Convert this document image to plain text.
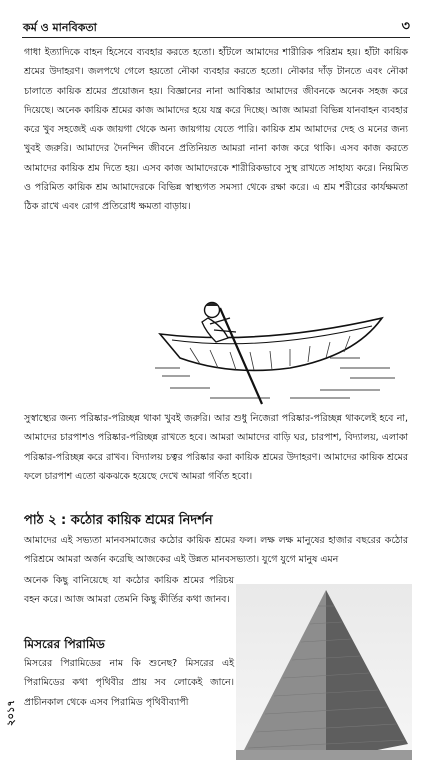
কর্ম ও মানবিকতা	৩

গাধা ইত্যাদিকে বাহন হিসেবে ব্যবহার করতে হতো। হাঁটলে আমাদের শারীরিক পরিশ্রম হয়। হাঁটা কায়িক শ্রমের উদাহরণ। জলপথে গেলে হয়তো নৌকা ব্যবহার করতে হতো। নৌকার দাঁড় টানতে এবং নৌকা চালাতে কায়িক শ্রমের প্রয়োজন হয়। বিজ্ঞানের নানা আবিষ্কার আমাদের জীবনকে অনেক সহজ করে দিয়েছে। অনেক কায়িক শ্রমের কাজ আমাদের হয়ে যন্ত্র করে দিচ্ছে। আজ আমরা বিভিন্ন যানবাহন ব্যবহার করে খুব সহজেই এক জায়গা থেকে অন্য জায়গায় যেতে পারি। কায়িক শ্রম আমাদের দেহ ও মনের জন্য খুবই জরুরি। আমাদের দৈনন্দিন জীবনে প্রতিনিয়ত আমরা নানা কাজ করে থাকি। এসব কাজ করতে আমাদের কায়িক শ্রম দিতে হয়। এসব কাজ আমাদেরকে শারীরিকভাবে সুস্থ রাখতে সাহায্য করে। নিয়মিত ও পরিমিত কায়িক শ্রম আমাদেরকে বিভিন্ন স্বাস্থ্যগত সমস্যা থেকে রক্ষা করে। এ শ্রম শরীরের কার্যক্ষমতা ঠিক রাখে এবং রোগ প্রতিরোধ ক্ষমতা বাড়ায়।

সুস্বাস্থ্যের জন্য পরিষ্কার-পরিচ্ছন্ন থাকা খুবই জরুরি। আর শুধু নিজেরা পরিষ্কার-পরিচ্ছন্ন থাকলেই হবে না, আমাদের চারপাশও পরিষ্কার-পরিচ্ছন্ন রাখতে হবে। আমরা আমাদের বাড়ি ঘর, চারপাশ, বিদ্যালয়, এলাকা পরিষ্কার-পরিচ্ছন্ন করে রাখব। বিদ্যালয় চত্বর পরিষ্কার করা কায়িক শ্রমের উদাহরণ। আমাদের কায়িক শ্রমের ফলে চারপাশ এতো ঝকঝকে হয়েছে দেখে আমরা গর্বিত হবো।

পাঠ ২ : কঠোর কায়িক শ্রমের নিদর্শন

আমাদের এই সভ্যতা মানবসমাজের কঠোর কায়িক শ্রমের ফল। লক্ষ লক্ষ মানুষের হাজার বছরের কঠোর পরিশ্রমে আমরা অর্জন করেছি আজকের এই উন্নত মানবসভ্যতা। যুগে যুগে মানুষ এমন

অনেক কিছু বানিয়েছে যা কঠোর কায়িক শ্রমের পরিচয় বহন করে। আজ আমরা তেমনি কিছু কীর্তির কথা জানব।

মিসরের পিরামিড

মিসরের পিরামিডের নাম কি শুনেছ? মিসরের এই পিরামিডের কথা পৃথিবীর প্রায় সব লোকেই জানে। প্রাচীনকাল থেকে এসব পিরামিড পৃথিবীব্যাপী

২০১৭
